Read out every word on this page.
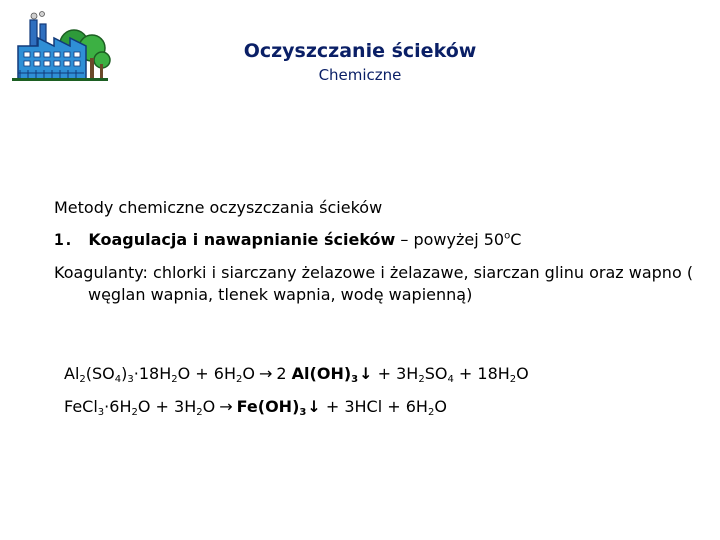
Oczyszczanie ścieków
Chemiczne
Metody chemiczne oczyszczania ścieków
1. Koagulacja i nawapnianie ścieków – powyżej 50$^o$C
Koagulanty: chlorki i siarczany żelazowe i żelazawe, siarczan glinu oraz wapno ( węglan wapnia, tlenek wapnia, wodę wapienną)
$Al_2(SO_4)_3\cdot 18H_2O + 6H_2O \to 2$ $Al(OH)_3↓ + 3H_2SO_4 + 18H_2O$
$FeCl_3\cdot 6H_2O + 3H_2O$ → $Fe(OH)_3↓ + 3HCl + 6H_2O$
